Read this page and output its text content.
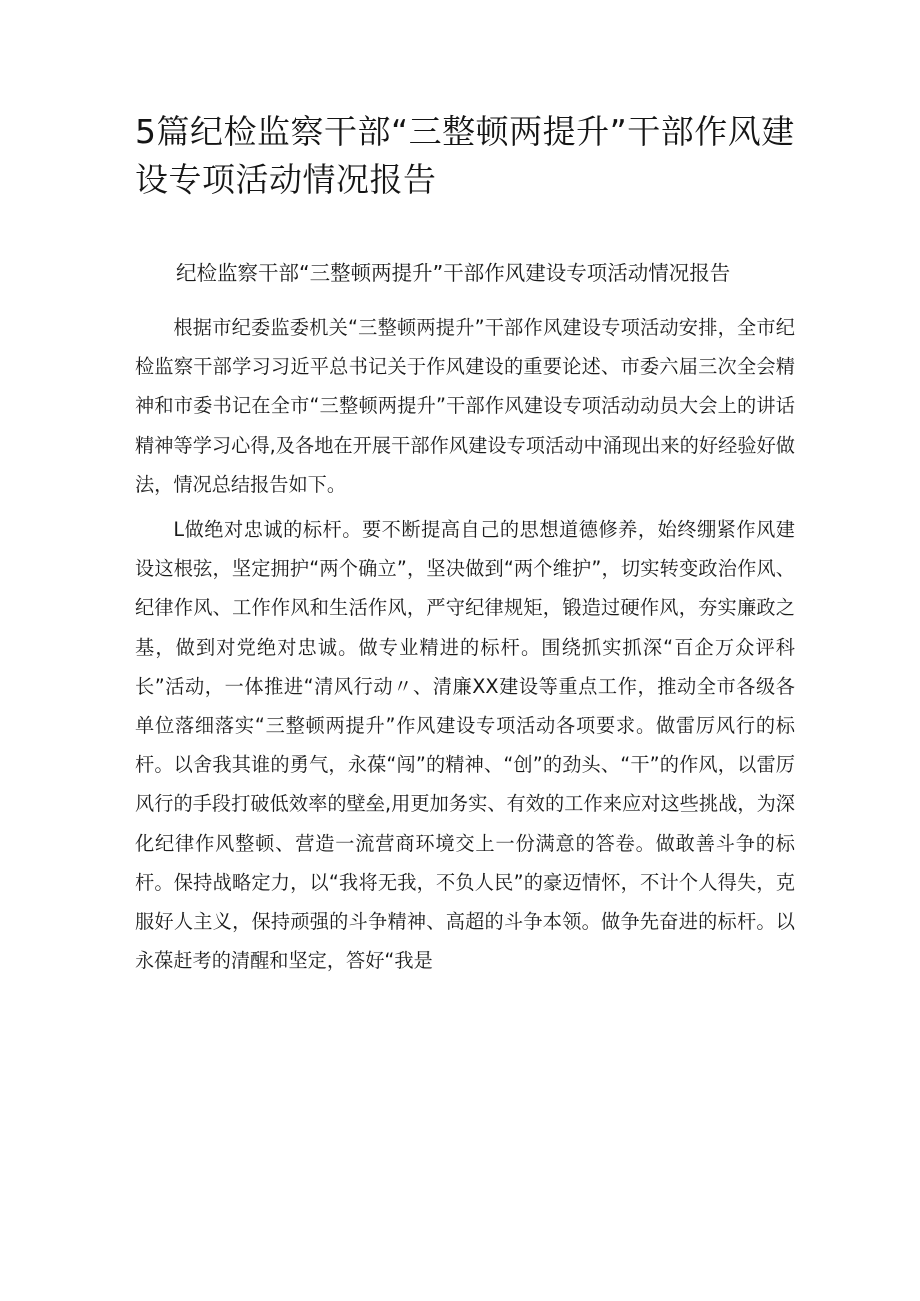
5篇纪检监察干部“三整顿两提升”干部作风建设专项活动情况报告

纪检监察干部“三整顿两提升”干部作风建设专项活动情况报告

根据市纪委监委机关“三整顿两提升”干部作风建设专项活动安排，全市纪检监察干部学习习近平总书记关于作风建设的重要论述、市委六届三次全会精神和市委书记在全市“三整顿两提升”干部作风建设专项活动动员大会上的讲话精神等学习心得,及各地在开展干部作风建设专项活动中涌现出来的好经验好做法，情况总结报告如下。

L做绝对忠诚的标杆。要不断提高自己的思想道德修养，始终绷紧作风建设这根弦，坚定拥护“两个确立”，坚决做到“两个维护”，切实转变政治作风、纪律作风、工作作风和生活作风，严守纪律规矩，锻造过硬作风，夯实廉政之基，做到对党绝对忠诚。做专业精进的标杆。围绕抓实抓深“百企万众评科长”活动，一体推进“清风行动〃、清廉XX建设等重点工作，推动全市各级各单位落细落实“三整顿两提升”作风建设专项活动各项要求。做雷厉风行的标杆。以舍我其谁的勇气，永葆“闯”的精神、“创”的劲头、“干”的作风，以雷厉风行的手段打破低效率的壁垒,用更加务实、有效的工作来应对这些挑战，为深化纪律作风整顿、营造一流营商环境交上一份满意的答卷。做敢善斗争的标杆。保持战略定力，以“我将无我，不负人民”的豪迈情怀，不计个人得失，克服好人主义，保持顽强的斗争精神、高超的斗争本领。做争先奋进的标杆。以永葆赶考的清醒和坚定，答好“我是
